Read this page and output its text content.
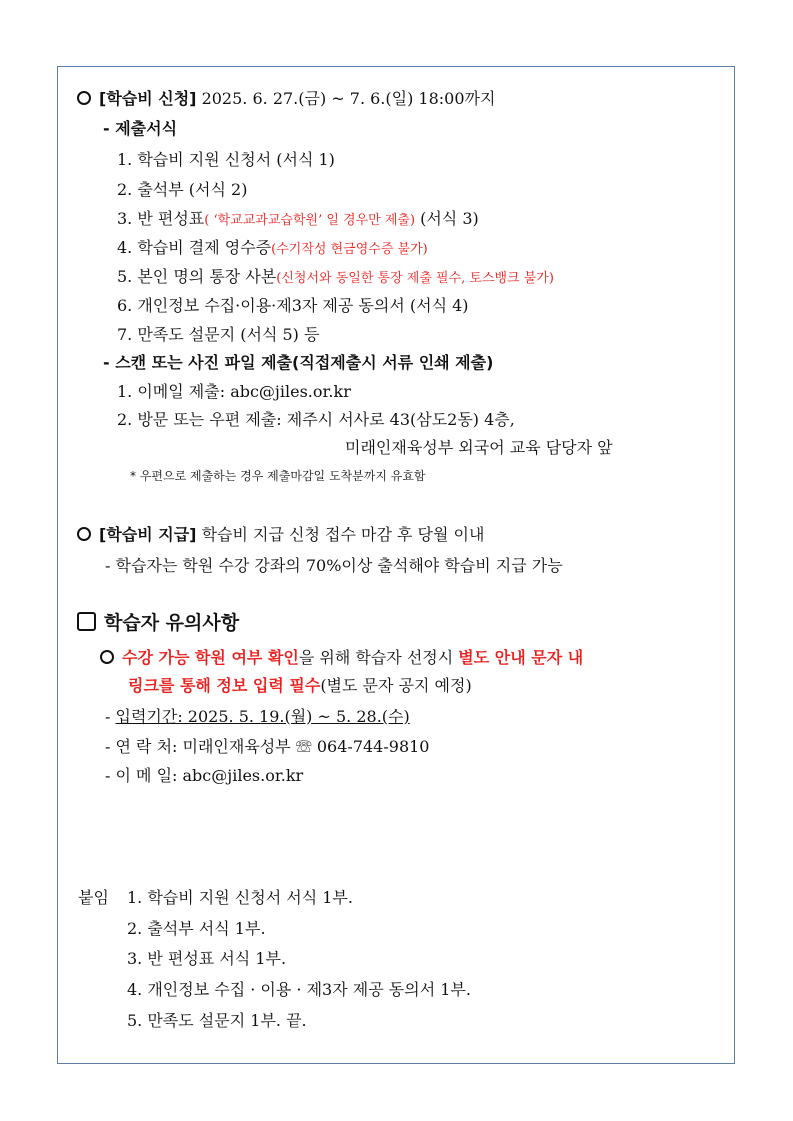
[학습비 신청] 2025. 6. 27.(금) ~ 7. 6.(일) 18:00까지
- 제출서식
1. 학습비 지원 신청서 (서식 1)
2. 출석부 (서식 2)
3. 반 편성표( ‘학교교과교습학원’ 일 경우만 제출) (서식 3)
4. 학습비 결제 영수증(수기작성 현금영수증 불가)
5. 본인 명의 통장 사본(신청서와 동일한 통장 제출 필수, 토스뱅크 불가)
6. 개인정보 수집·이용·제3자 제공 동의서 (서식 4)
7. 만족도 설문지 (서식 5) 등
- 스캔 또는 사진 파일 제출(직접제출시 서류 인쇄 제출)
1. 이메일 제출: abc@jiles.or.kr
2. 방문 또는 우편 제출: 제주시 서사로 43(삼도2동) 4층,
미래인재육성부 외국어 교육 담당자 앞
* 우편으로 제출하는 경우 제출마감일 도착분까지 유효함
[학습비 지급] 학습비 지급 신청 접수 마감 후 당월 이내
- 학습자는 학원 수강 강좌의 70%이상 출석해야 학습비 지급 가능
학습자 유의사항
수강 가능 학원 여부 확인을 위해 학습자 선정시 별도 안내 문자 내
링크를 통해 정보 입력 필수(별도 문자 공지 예정)
- 입력기간: 2025. 5. 19.(월) ~ 5. 28.(수)
- 연 락 처: 미래인재육성부 ☏ 064-744-9810
- 이 메 일: abc@jiles.or.kr
붙임 1. 학습비 지원 신청서 서식 1부.
2. 출석부 서식 1부.
3. 반 편성표 서식 1부.
4. 개인정보 수집 · 이용 · 제3자 제공 동의서 1부.
5. 만족도 설문지 1부. 끝.
